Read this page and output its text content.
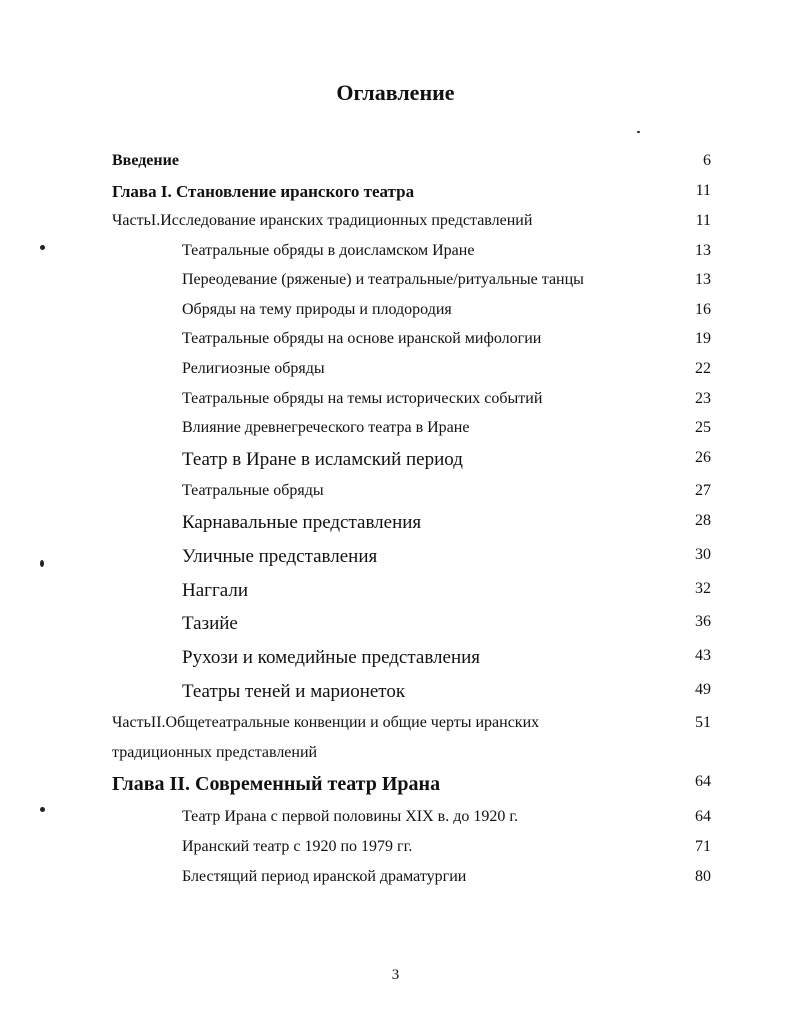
Оглавление
Введение	6
Глава I. Становление иранского театра	11
ЧастьI.Исследование иранских традиционных представлений	11
Театральные обряды в доисламском Иране	13
Переодевание (ряженые) и театральные/ритуальные танцы	13
Обряды на тему природы и плодородия	16
Театральные обряды на основе иранской мифологии	19
Религиозные обряды	22
Театральные обряды на темы исторических событий	23
Влияние древнегреческого театра в Иране	25
Театр в Иране в исламский период	26
Театральные обряды	27
Карнавальные представления	28
Уличные представления	30
Наггали	32
Тазийе	36
Рухози и комедийные представления	43
Театры теней и марионеток	49
ЧастьII.Общетеатральные конвенции и общие черты иранских	51
традиционных представлений
Глава II. Современный театр Ирана	64
Театр Ирана с первой половины XIX в. до 1920 г.	64
Иранский театр с 1920 по 1979 гг.	71
Блестящий период иранской драматургии	80
3
